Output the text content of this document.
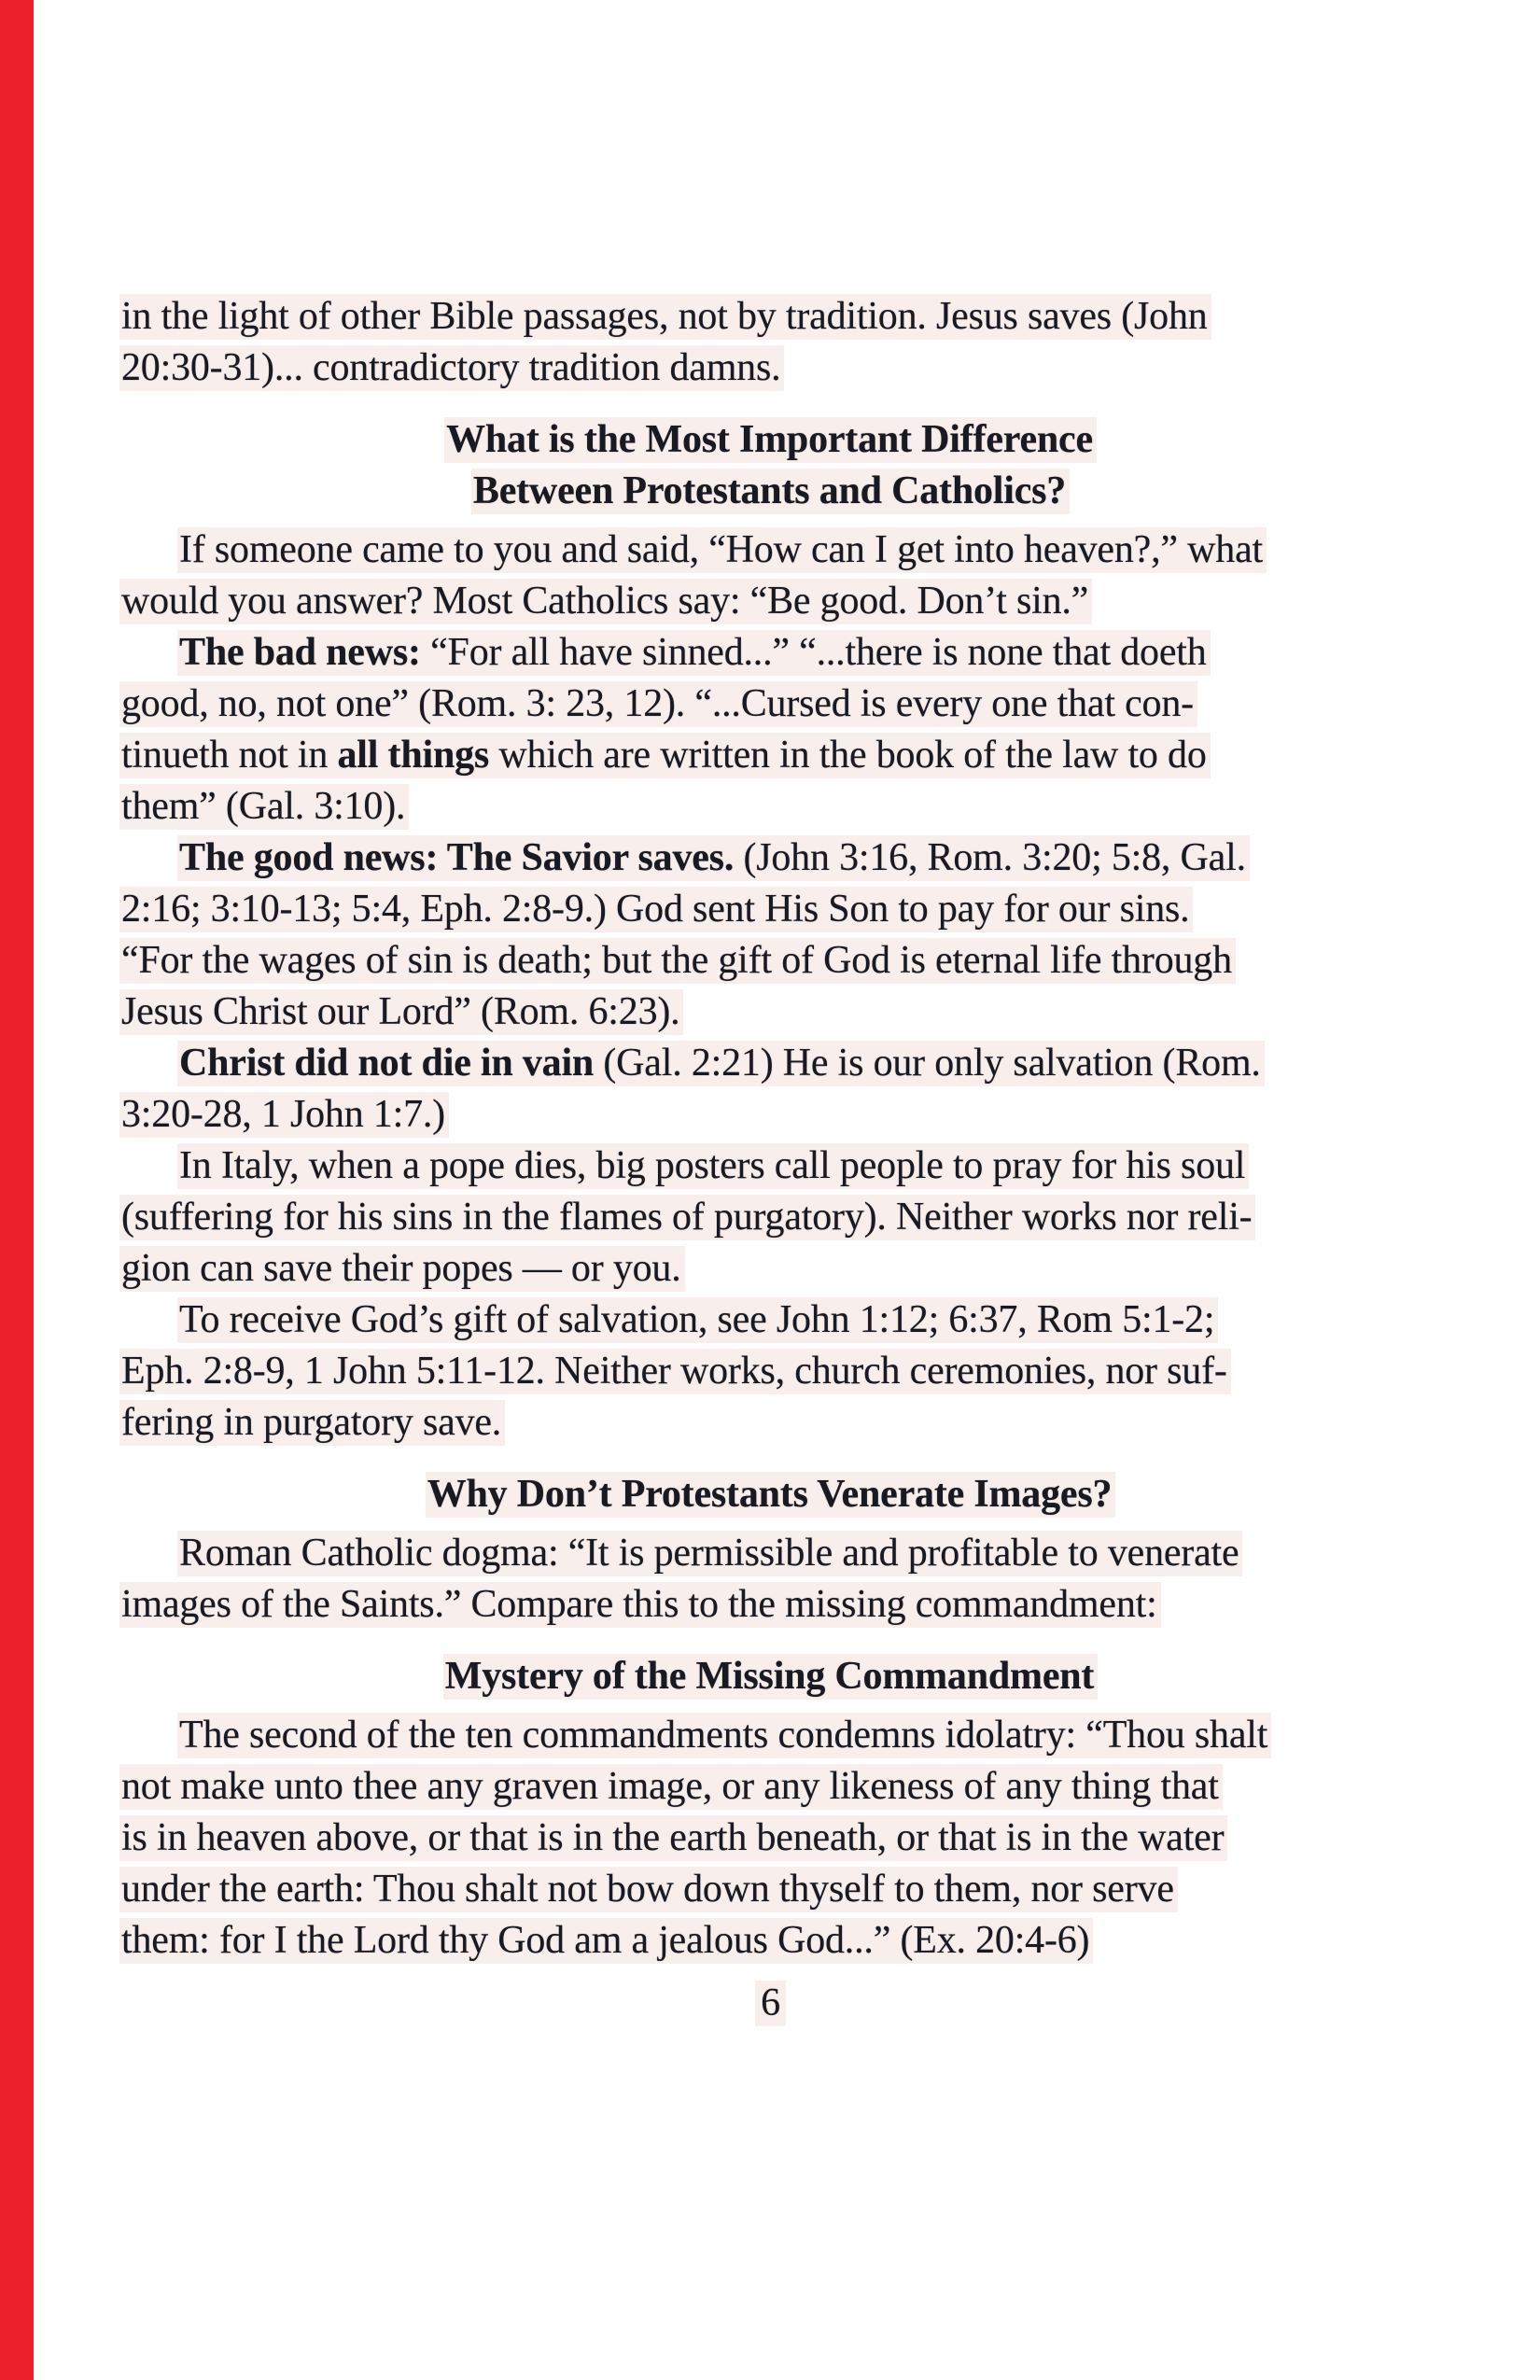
in the light of other Bible passages, not by tradition. Jesus saves (John
20:30-31)... contradictory tradition damns.
What is the Most Important Difference
Between Protestants and Catholics?
If someone came to you and said, “How can I get into heaven?,” what
would you answer? Most Catholics say: “Be good. Don’t sin.”
The bad news: “For all have sinned...” “...there is none that doeth
good, no, not one” (Rom. 3: 23, 12). “...Cursed is every one that con-
tinueth not in all things which are written in the book of the law to do
them” (Gal. 3:10).
The good news: The Savior saves. (John 3:16, Rom. 3:20; 5:8, Gal.
2:16; 3:10-13; 5:4, Eph. 2:8-9.) God sent His Son to pay for our sins.
“For the wages of sin is death; but the gift of God is eternal life through
Jesus Christ our Lord” (Rom. 6:23).
Christ did not die in vain (Gal. 2:21) He is our only salvation (Rom.
3:20-28, 1 John 1:7.)
In Italy, when a pope dies, big posters call people to pray for his soul
(suffering for his sins in the flames of purgatory). Neither works nor reli-
gion can save their popes — or you.
To receive God’s gift of salvation, see John 1:12; 6:37, Rom 5:1-2;
Eph. 2:8-9, 1 John 5:11-12. Neither works, church ceremonies, nor suf-
fering in purgatory save.
Why Don’t Protestants Venerate Images?
Roman Catholic dogma: “It is permissible and profitable to venerate
images of the Saints.” Compare this to the missing commandment:
Mystery of the Missing Commandment
The second of the ten commandments condemns idolatry: “Thou shalt
not make unto thee any graven image, or any likeness of any thing that
is in heaven above, or that is in the earth beneath, or that is in the water
under the earth: Thou shalt not bow down thyself to them, nor serve
them: for I the Lord thy God am a jealous God...” (Ex. 20:4-6)
6
